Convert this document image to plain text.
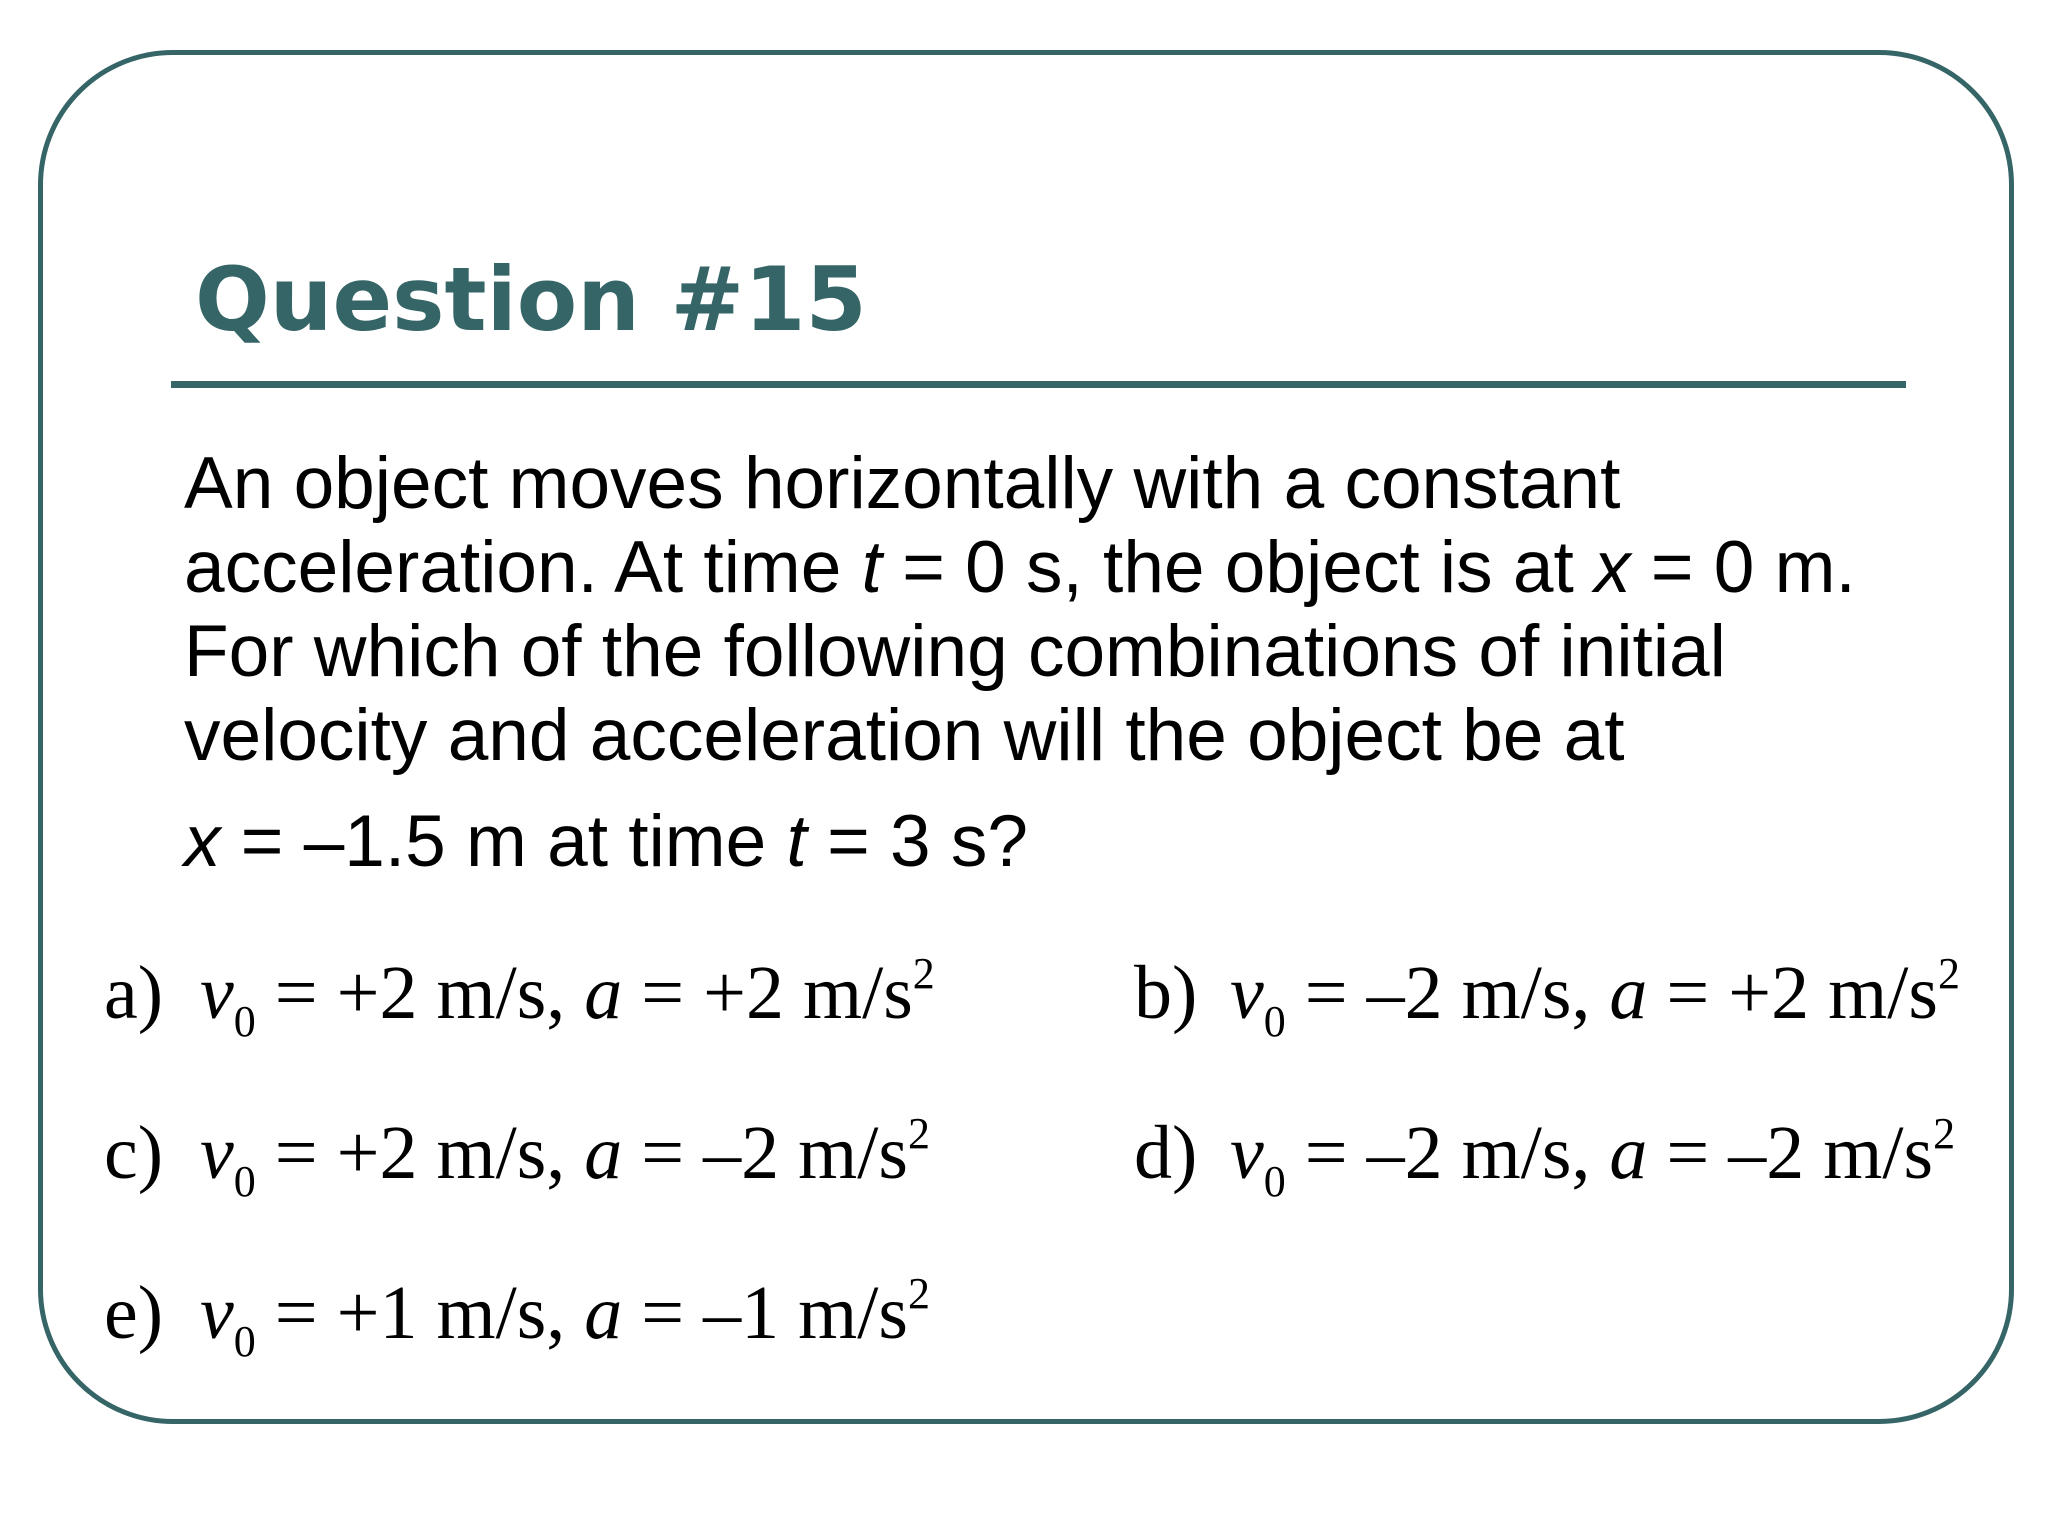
Question #15
An object moves horizontally with a constant
acceleration. At time t = 0 s, the object is at x = 0 m.
For which of the following combinations of initial
velocity and acceleration will the object be at
x = –1.5 m at time t = 3 s?
a) $v_0 = +2$ m/s, a = +2 $m/s^2$	b) $v_0 = -2$ m/s, a = +2 $m/s^2$
c) $v_0 = +2$ m/s, a = –2 $m/s^2$	d) $v_0 = -2$ m/s, a = –2 $m/s^2$
e) $v_0 = +1$ m/s, a = –1 $m/s^2$
